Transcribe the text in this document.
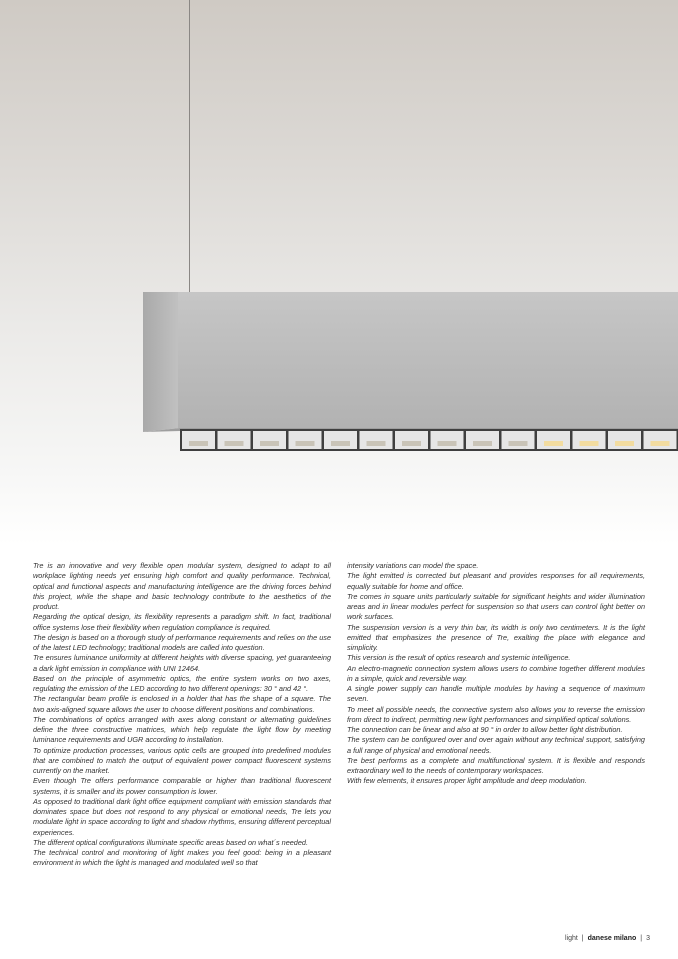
Tre is an innovative and very flexible open modular system, designed to adapt to all workplace lighting needs yet ensuring high comfort and quality performance. Technical, optical and functional aspects and manufacturing intelligence are the driving forces behind this project, while the shape and basic technology contribute to the aesthetics of the product.

Regarding the optical design, its flexibility represents a paradigm shift. In fact, traditional office systems lose their flexibility when regulation compliance is required.

The design is based on a thorough study of performance requirements and relies on the use of the latest LED technology; traditional models are called into question.

Tre ensures luminance uniformity at different heights with diverse spacing, yet guaranteeing a dark light emission in compliance with UNI 12464.

Based on the principle of asymmetric optics, the entire system works on two axes, regulating the emission of the LED according to two different openings: 30 ° and 42 °.

The rectangular beam profile is enclosed in a holder that has the shape of a square. The two axis-aligned square allows the user to choose different positions and combinations.

The combinations of optics arranged with axes along constant or alternating guidelines define the three constructive matrices, which help regulate the light flow by meeting luminance requirements and UGR according to installation.

To optimize production processes, various optic cells are grouped into predefined modules that are combined to match the output of equivalent power compact fluorescent systems currently on the market.

Even though Tre offers performance comparable or higher than traditional fluorescent systems, it is smaller and its power consumption is lower.

As opposed to traditional dark light office equipment compliant with emission standards that dominates space but does not respond to any physical or emotional needs, Tre lets you modulate light in space according to light and shadow rhythms, ensuring different perceptual experiences.

The different optical configurations illuminate specific areas based on what´s needed.

The technical control and monitoring of light makes you feel good: being in a pleasant environment in which the light is managed and modulated well so that

intensity variations can model the space.

The light emitted is corrected but pleasant and provides responses for all requirements, equally suitable for home and office.

Tre comes in square units particularly suitable for significant heights and wider illumination areas and in linear modules perfect for suspension so that users can control light better on work surfaces.

The suspension version is a very thin bar, its width is only two centimeters. It is the light emitted that emphasizes the presence of Tre, exalting the place with elegance and simplicity.

This version is the result of optics research and systemic intelligence.

An electro-magnetic connection system allows users to combine together different modules in a simple, quick and reversible way.

A single power supply can handle multiple modules by having a sequence of maximum seven.

To meet all possible needs, the connective system also allows you to reverse the emission from direct to indirect, permitting new light performances and simplified optical solutions.

The connection can be linear and also at 90 ° in order to allow better light distribution.

The system can be configured over and over again without any technical support, satisfying a full range of physical and emotional needs.

Tre best performs as a complete and multifunctional system. It is flexible and responds extraordinary well to the needs of contemporary workspaces.

With few elements, it ensures proper light amplitude and deep modulation.

light | danese milano | 3
